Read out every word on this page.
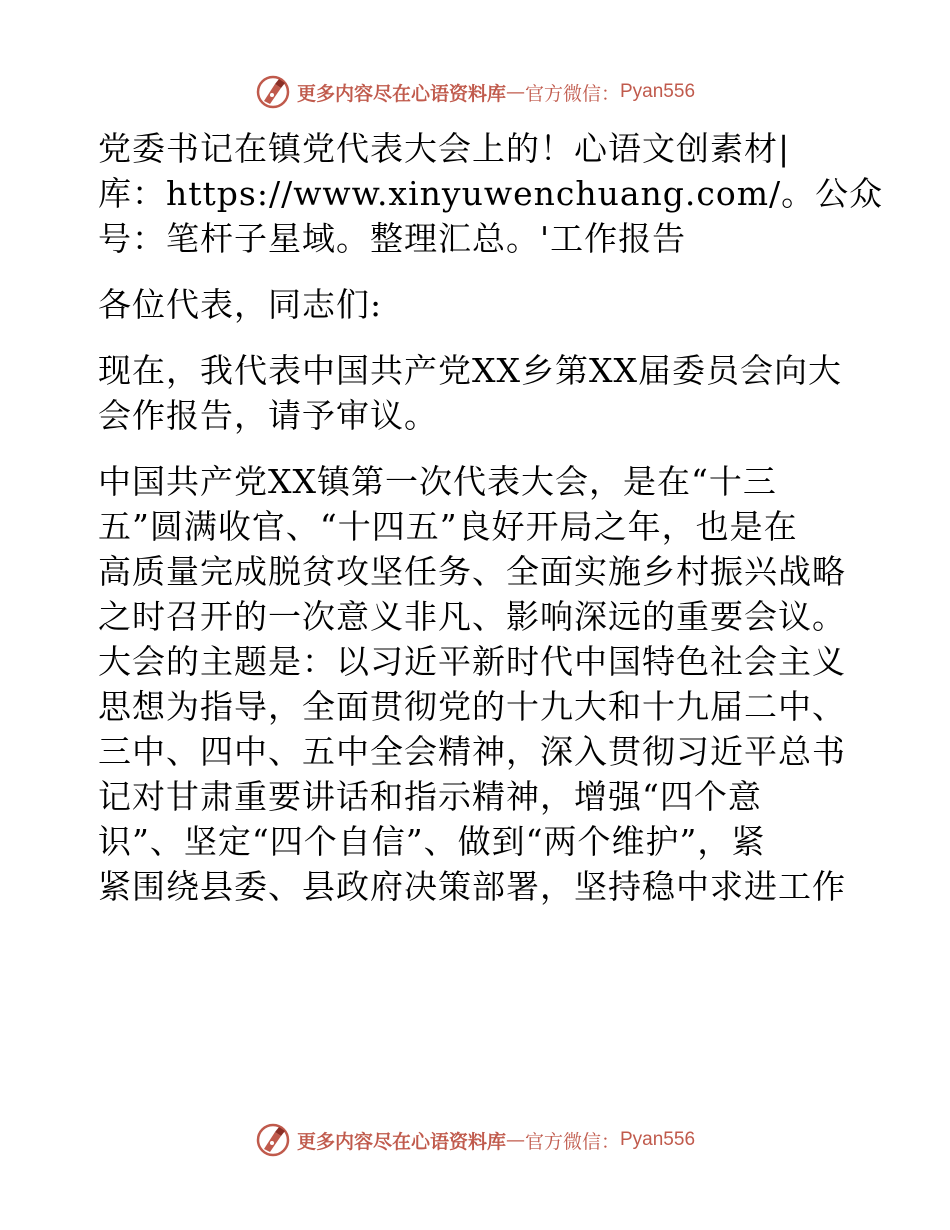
更多内容尽在心语资料库 — 官方微信： Pyan556
党委书记在镇党代表大会上的！心语文创素材|
库：https://www.xinyuwenchuang.com/。公众
号：笔杆子星域。整理汇总。'工作报告
各位代表，同志们:
现在，我代表中国共产党XX乡第XX届委员会向大
会作报告，请予审议。
中国共产党XX镇第一次代表大会，是在“十三
五”圆满收官、“十四五”良好开局之年，也是在
高质量完成脱贫攻坚任务、全面实施乡村振兴战略
之时召开的一次意义非凡、影响深远的重要会议。
大会的主题是：以习近平新时代中国特色社会主义
思想为指导，全面贯彻党的十九大和十九届二中、
三中、四中、五中全会精神，深入贯彻习近平总书
记对甘肃重要讲话和指示精神，增强“四个意
识”、坚定“四个自信”、做到“两个维护”，紧
紧围绕县委、县政府决策部署，坚持稳中求进工作
更多内容尽在心语资料库 — 官方微信： Pyan556
